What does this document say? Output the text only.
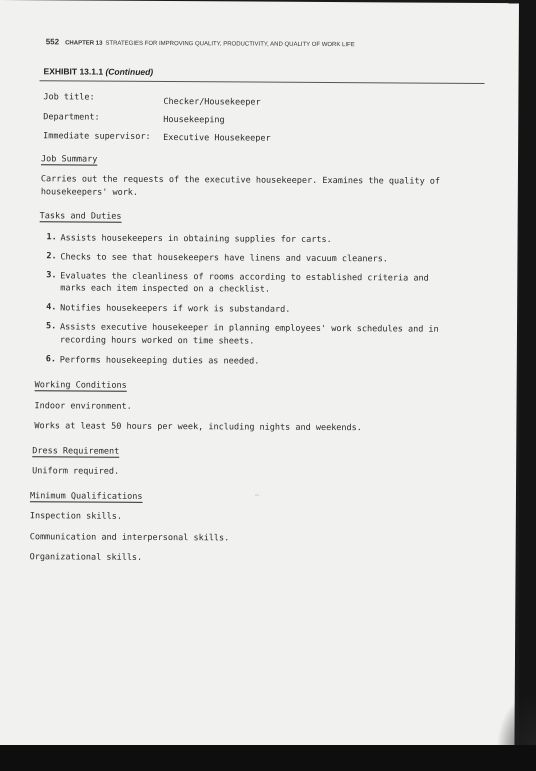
552 CHAPTER 13 STRATEGIES FOR IMPROVING QUALITY, PRODUCTIVITY, AND QUALITY OF WORK LIFE
EXHIBIT 13.1.1 (Continued)
Job title:	Checker/Housekeeper
Department:	Housekeeping
Immediate supervisor: Executive Housekeeper
Job Summary
Carries out the requests of the executive housekeeper. Examines the quality of
housekeepers' work.
Tasks and Duties
1. Assists housekeepers in obtaining supplies for carts.
2. Checks to see that housekeepers have linens and vacuum cleaners.
3. Evaluates the cleanliness of rooms according to established criteria and
marks each item inspected on a checklist.
4. Notifies housekeepers if work is substandard.
5. Assists executive housekeeper in planning employees' work schedules and in
recording hours worked on time sheets.
6. Performs housekeeping duties as needed.
Working Conditions
Indoor environment.
Works at least 50 hours per week, including nights and weekends.
Dress Requirement
Uniform required.
Minimum Qualifications
Inspection skills.
Communication and interpersonal skills.
Organizational skills.
